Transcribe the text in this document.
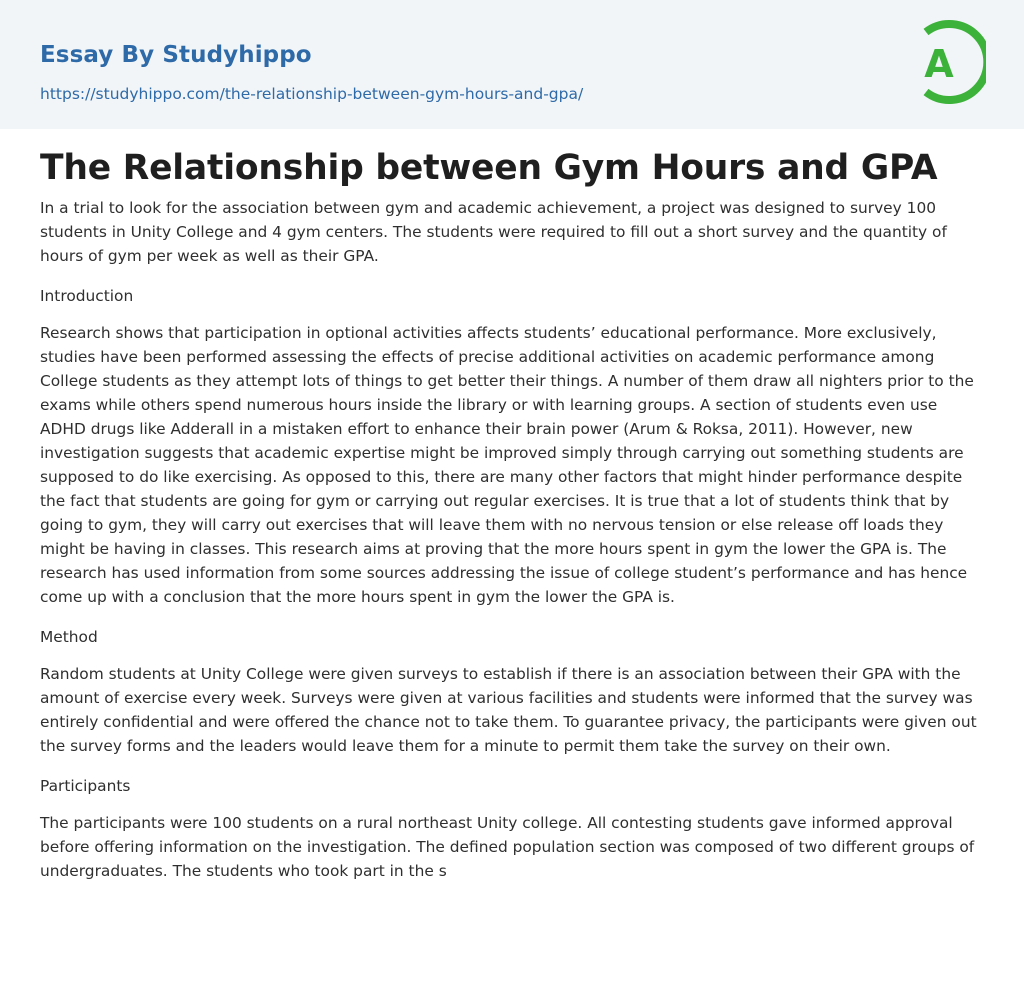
Essay By Studyhippo
https://studyhippo.com/the-relationship-between-gym-hours-and-gpa/
A
The Relationship between Gym Hours and GPA

In a trial to look for the association between gym and academic achievement, a project was designed to survey 100 students in Unity College and 4 gym centers. The students were required to fill out a short survey and the quantity of hours of gym per week as well as their GPA.

Introduction

Research shows that participation in optional activities affects students’ educational performance. More exclusively, studies have been performed assessing the effects of precise additional activities on academic performance among College students as they attempt lots of things to get better their things. A number of them draw all nighters prior to the exams while others spend numerous hours inside the library or with learning groups. A section of students even use ADHD drugs like Adderall in a mistaken effort to enhance their brain power (Arum & Roksa, 2011). However, new investigation suggests that academic expertise might be improved simply through carrying out something students are supposed to do like exercising. As opposed to this, there are many other factors that might hinder performance despite the fact that students are going for gym or carrying out regular exercises. It is true that a lot of students think that by going to gym, they will carry out exercises that will leave them with no nervous tension or else release off loads they might be having in classes. This research aims at proving that the more hours spent in gym the lower the GPA is. The research has used information from some sources addressing the issue of college student’s performance and has hence come up with a conclusion that the more hours spent in gym the lower the GPA is.

Method

Random students at Unity College were given surveys to establish if there is an association between their GPA with the amount of exercise every week. Surveys were given at various facilities and students were informed that the survey was entirely confidential and were offered the chance not to take them. To guarantee privacy, the participants were given out the survey forms and the leaders would leave them for a minute to permit them take the survey on their own.

Participants

The participants were 100 students on a rural northeast Unity college. All contesting students gave informed approval before offering information on the investigation. The defined population section was composed of two different groups of undergraduates. The students who took part in the s
